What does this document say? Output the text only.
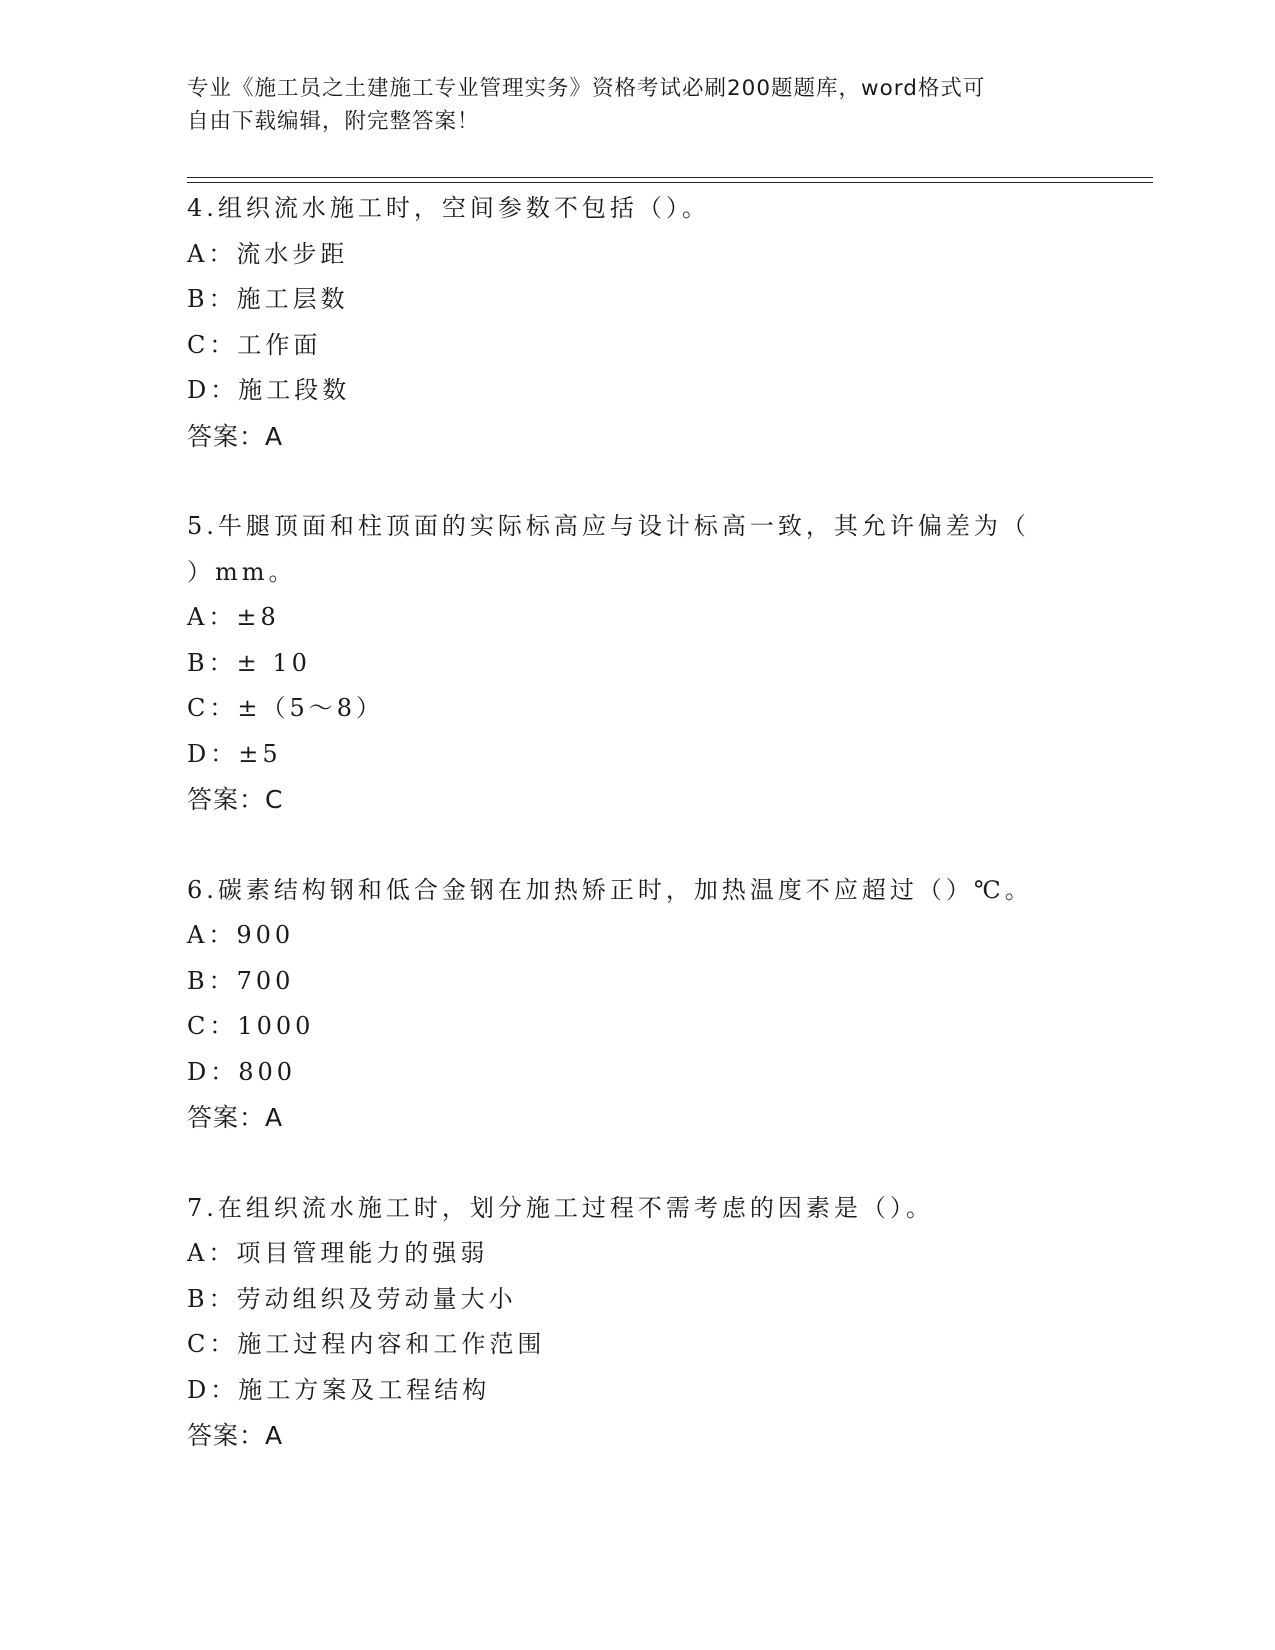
专业《施工员之土建施工专业管理实务》资格考试必刷200题题库，word格式可
自由下载编辑，附完整答案！
4.组织流水施工时，空间参数不包括（）。
A：流水步距
B：施工层数
C：工作面
D：施工段数
答案：A
5.牛腿顶面和柱顶面的实际标高应与设计标高一致，其允许偏差为（
）mm。
A：±8
B：± 10
C：±（5～8）
D：±5
答案：C
6.碳素结构钢和低合金钢在加热矫正时，加热温度不应超过（）℃。
A：900
B：700
C：1000
D：800
答案：A
7.在组织流水施工时，划分施工过程不需考虑的因素是（）。
A：项目管理能力的强弱
B：劳动组织及劳动量大小
C：施工过程内容和工作范围
D：施工方案及工程结构
答案：A
